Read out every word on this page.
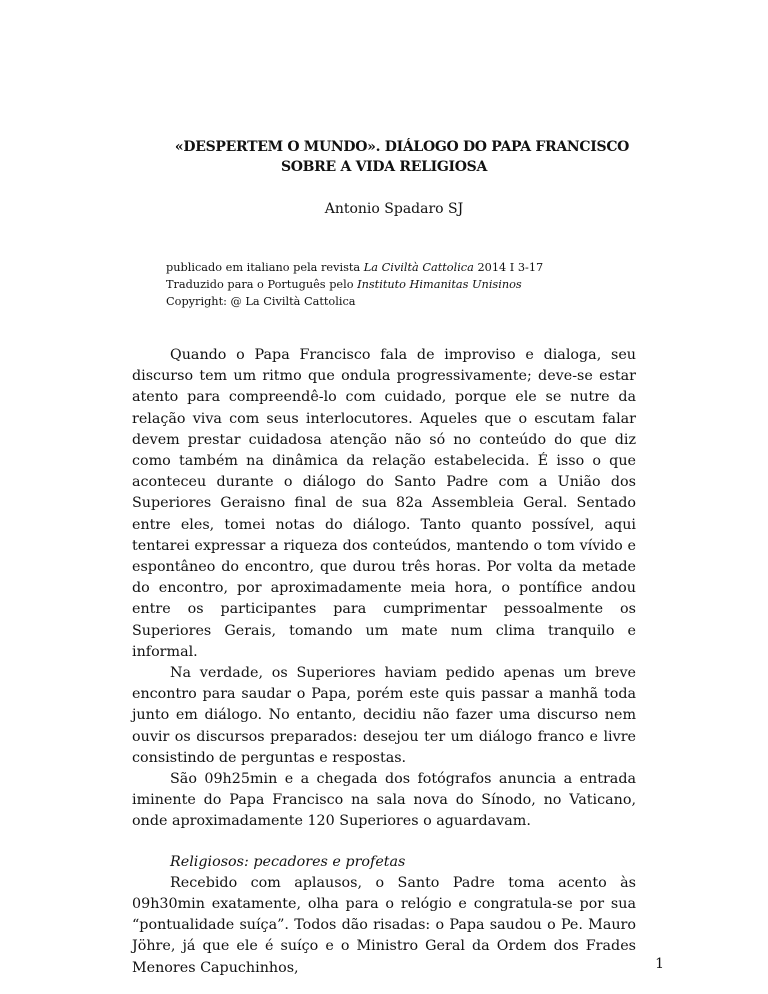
«DESPERTEM O MUNDO». DIÁLOGO DO PAPA FRANCISCO
SOBRE A VIDA RELIGIOSA
Antonio Spadaro SJ
publicado em italiano pela revista La Civiltà Cattolica 2014 I 3-17
Traduzido para o Português pelo Instituto Himanitas Unisinos
Copyright: @ La Civiltà Cattolica

Quando o Papa Francisco fala de improviso e dialoga, seu discurso tem um ritmo que ondula progressivamente; deve-se estar atento para compreendê-lo com cuidado, porque ele se nutre da relação viva com seus interlocutores. Aqueles que o escutam falar devem prestar cuidadosa atenção não só no conteúdo do que diz como também na dinâmica da relação estabelecida. É isso o que aconteceu durante o diálogo do Santo Padre com a União dos Superiores Geraisno final de sua 82a Assembleia Geral. Sentado entre eles, tomei notas do diálogo. Tanto quanto possível, aqui tentarei expressar a riqueza dos conteúdos, mantendo o tom vívido e espontâneo do encontro, que durou três horas. Por volta da metade do encontro, por aproximadamente meia hora, o pontífice andou entre os participantes para cumprimentar pessoalmente os Superiores Gerais, tomando um mate num clima tranquilo e informal.

Na verdade, os Superiores haviam pedido apenas um breve encontro para saudar o Papa, porém este quis passar a manhã toda junto em diálogo. No entanto, decidiu não fazer uma discurso nem ouvir os discursos preparados: desejou ter um diálogo franco e livre consistindo de perguntas e respostas.

São 09h25min e a chegada dos fotógrafos anuncia a entrada iminente do Papa Francisco na sala nova do Sínodo, no Vaticano, onde aproximadamente 120 Superiores o aguardavam.

Religiosos: pecadores e profetas

Recebido com aplausos, o Santo Padre toma acento às 09h30min exatamente, olha para o relógio e congratula-se por sua “pontualidade suíça”. Todos dão risadas: o Papa saudou o Pe. Mauro Jöhre, já que ele é suíço e o Ministro Geral da Ordem dos Frades Menores Capuchinhos,	1
